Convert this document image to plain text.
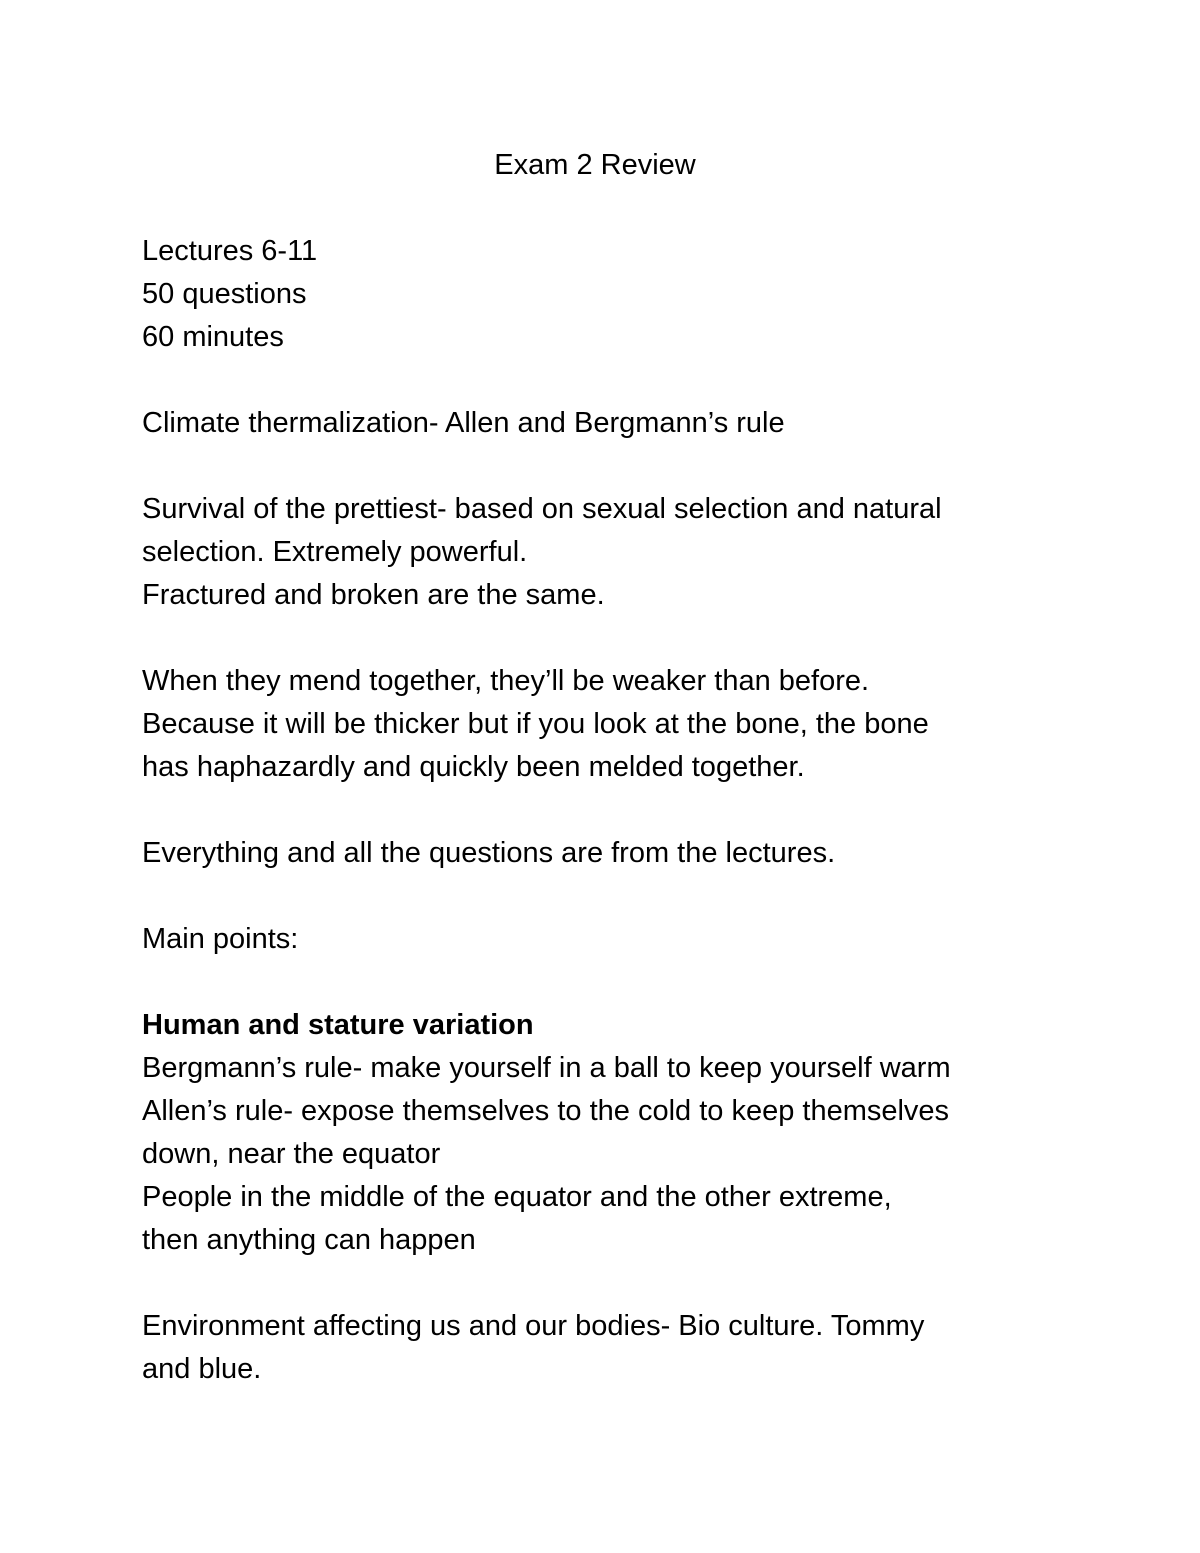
Exam 2 Review
Lectures 6-11
50 questions
60 minutes
Climate thermalization- Allen and Bergmann’s rule
Survival of the prettiest- based on sexual selection and natural
selection. Extremely powerful.
Fractured and broken are the same.
When they mend together, they’ll be weaker than before.
Because it will be thicker but if you look at the bone, the bone
has haphazardly and quickly been melded together.
Everything and all the questions are from the lectures.
Main points:
Human and stature variation
Bergmann’s rule- make yourself in a ball to keep yourself warm
Allen’s rule- expose themselves to the cold to keep themselves
down, near the equator
People in the middle of the equator and the other extreme,
then anything can happen
Environment affecting us and our bodies- Bio culture. Tommy
and blue.
